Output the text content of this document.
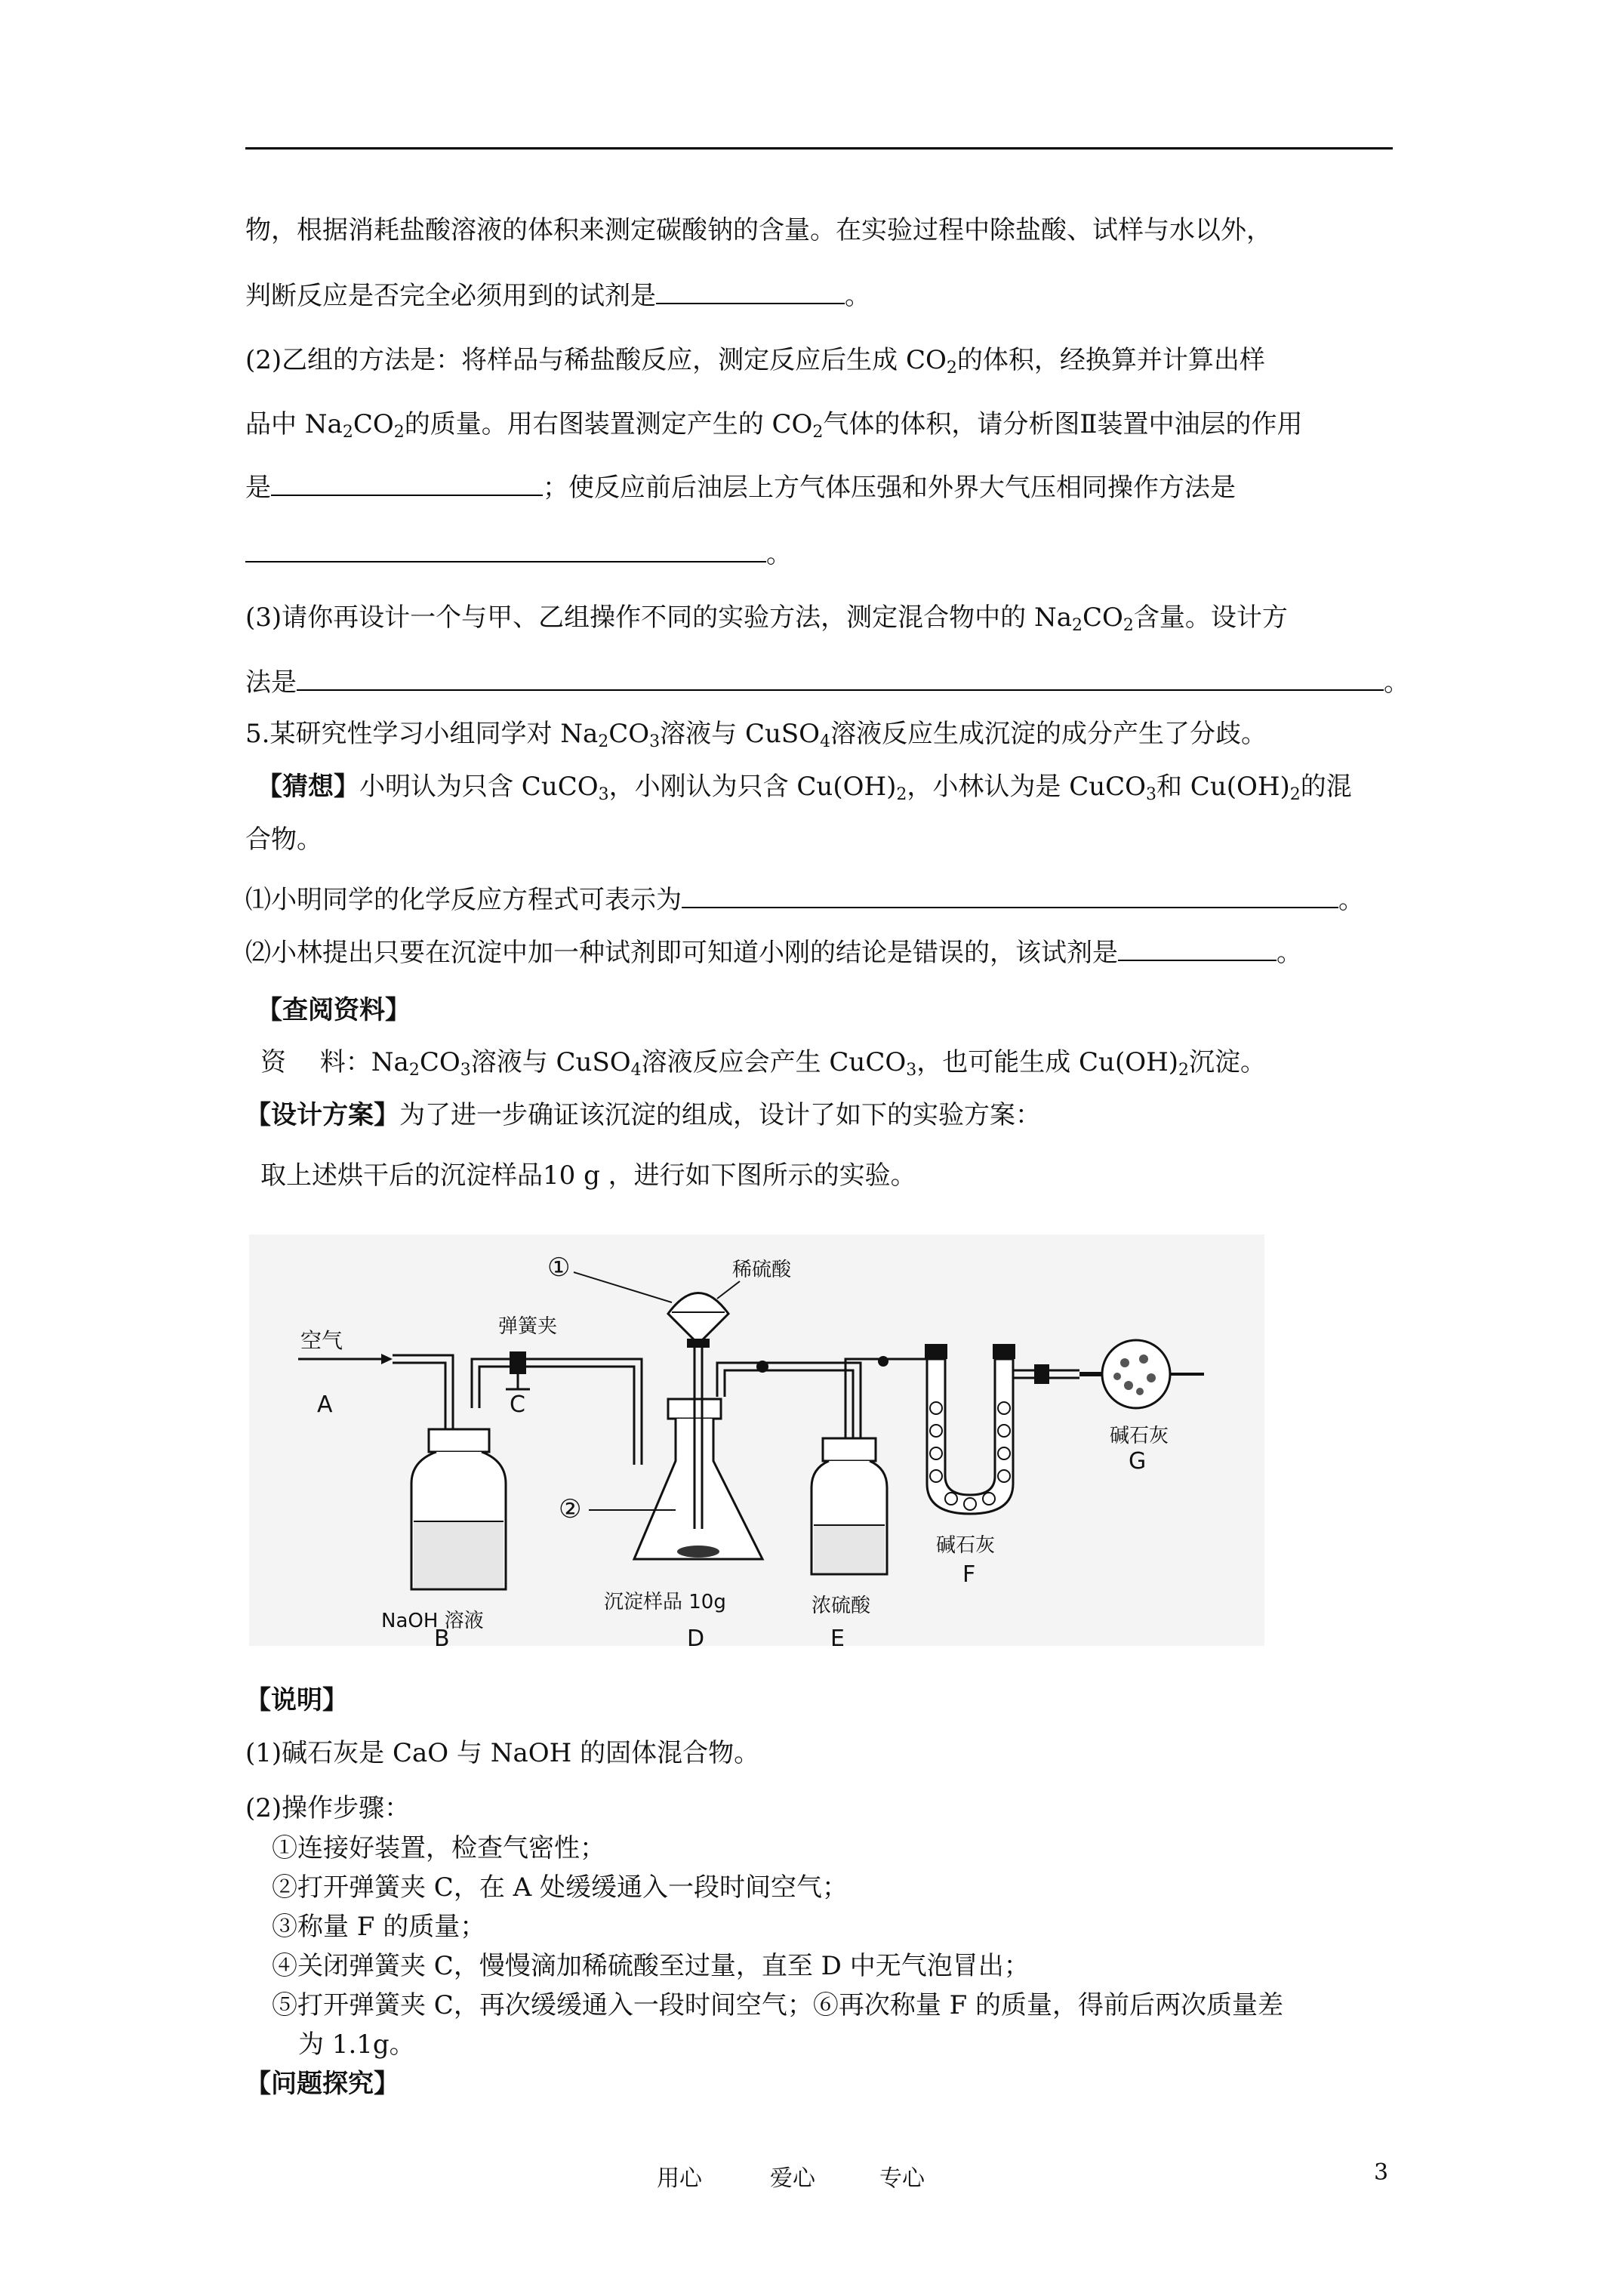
物，根据消耗盐酸溶液的体积来测定碳酸钠的含量。在实验过程中除盐酸、试样与水以外，
判断反应是否完全必须用到的试剂是	。
(2)乙组的方法是：将样品与稀盐酸反应，测定反应后生成 $CO_2$的体积，经换算并计算出样
品中 $Na_2CO_2$的质量。用右图装置测定产生的 $CO_2$气体的体积，请分析图Ⅱ装置中油层的作用
是	；使反应前后油层上方气体压强和外界大气压相同操作方法是
。
(3)请你再设计一个与甲、乙组操作不同的实验方法，测定混合物中的 $Na_2CO_2$含量。设计方
法是	。
5.某研究性学习小组同学对 $Na_2CO_3$溶液与 CuSO$_4$溶液反应生成沉淀的成分产生了分歧。
【猜想】小明认为只含 CuCO$_3$，小刚认为只含 $Cu(OH)_2$，小林认为是 CuCO$_3$和 $Cu(OH)_2$的混
合物。
⑴小明同学的化学反应方程式可表示为	。
⑵小林提出只要在沉淀中加一种试剂即可知道小刚的结论是错误的，该试剂是	。
【查阅资料】
资　 料：$Na_2CO_3$溶液与 CuSO$_4$溶液反应会产生 CuCO$_3$，也可能生成 $Cu(OH)_2$沉淀。
【设计方案】为了进一步确证该沉淀的组成，设计了如下的实验方案：
取上述烘干后的沉淀样品10 g ，进行如下图所示的实验。
空气
A
NaOH 溶液
B
弹簧夹
C
①	稀硫酸
②
沉淀样品 10g
D
浓硫酸
E
碱石灰
F
碱石灰
G
【说明】
(1)碱石灰是 CaO 与 NaOH 的固体混合物。
(2)操作步骤：
①连接好装置，检查气密性；
②打开弹簧夹 C，在 A 处缓缓通入一段时间空气；
③称量 F 的质量；
④关闭弹簧夹 C，慢慢滴加稀硫酸至过量，直至 D 中无气泡冒出；
⑤打开弹簧夹 C，再次缓缓通入一段时间空气；⑥再次称量 F 的质量，得前后两次质量差
为 1.1g。
【问题探究】
用心	爱心	专心	3
